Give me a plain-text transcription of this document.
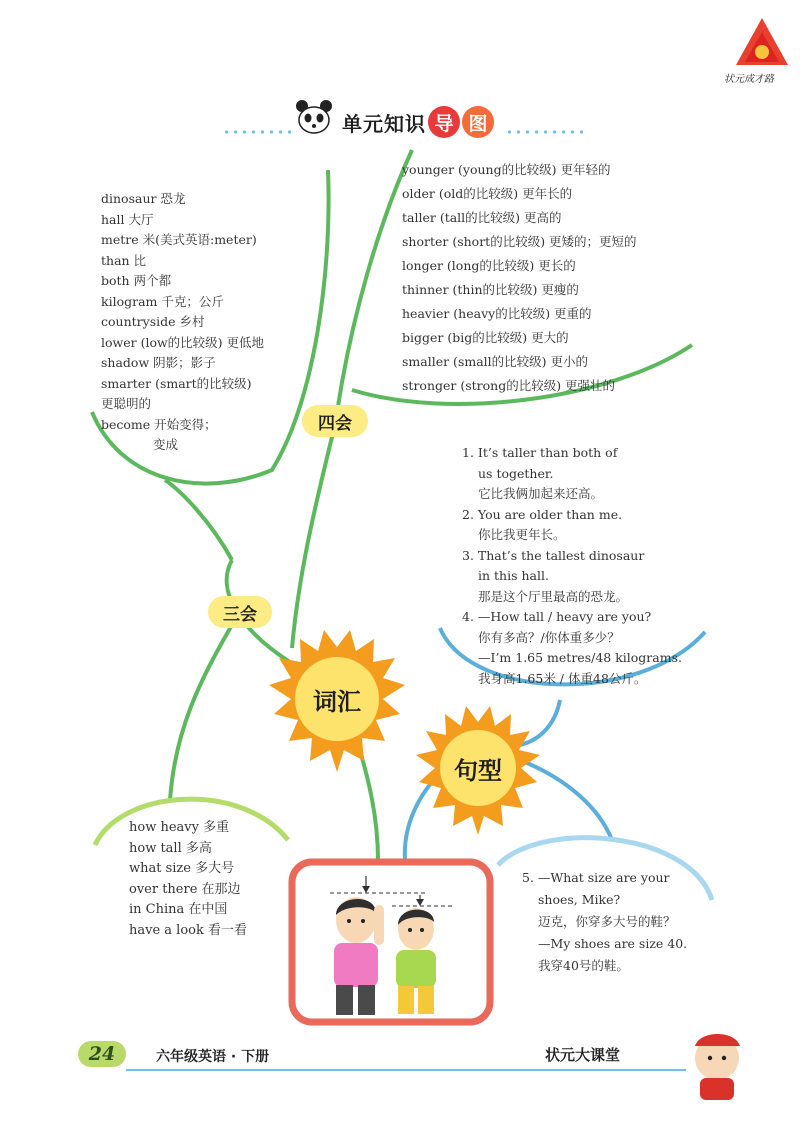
单元知识 导 图
状元成才路
younger (young的比较级) 更年轻的
older (old的比较级) 更年长的
taller (tall的比较级) 更高的
shorter (short的比较级) 更矮的；更短的
longer (long的比较级) 更长的
thinner (thin的比较级) 更瘦的
heavier (heavy的比较级) 更重的
bigger (big的比较级) 更大的
smaller (small的比较级) 更小的
stronger (strong的比较级) 更强壮的
dinosaur 恐龙
hall 大厅
metre 米(美式英语:meter)
than 比
both 两个都
kilogram 千克；公斤
countryside 乡村
lower (low的比较级) 更低地
shadow 阴影；影子
smarter (smart的比较级)
更聪明的
become 开始变得；
变成
how heavy 多重
how tall 多高
what size 多大号
over there 在那边
in China 在中国
have a look 看一看
1. It’s taller than both of
us together.
它比我俩加起来还高。
2. You are older than me.
你比我更年长。
3. That’s the tallest dinosaur
in this hall.
那是这个厅里最高的恐龙。
4. —How tall / heavy are you?
你有多高？/你体重多少？
—I’m 1.65 metres/48 kilograms.
我身高1.65米 / 体重48公斤。
5. —What size are your
shoes, Mike?
迈克，你穿多大号的鞋？
—My shoes are size 40.
我穿40号的鞋。
四会
三会
词汇
句型
24	六年级英语 · 下册	状元大课堂
